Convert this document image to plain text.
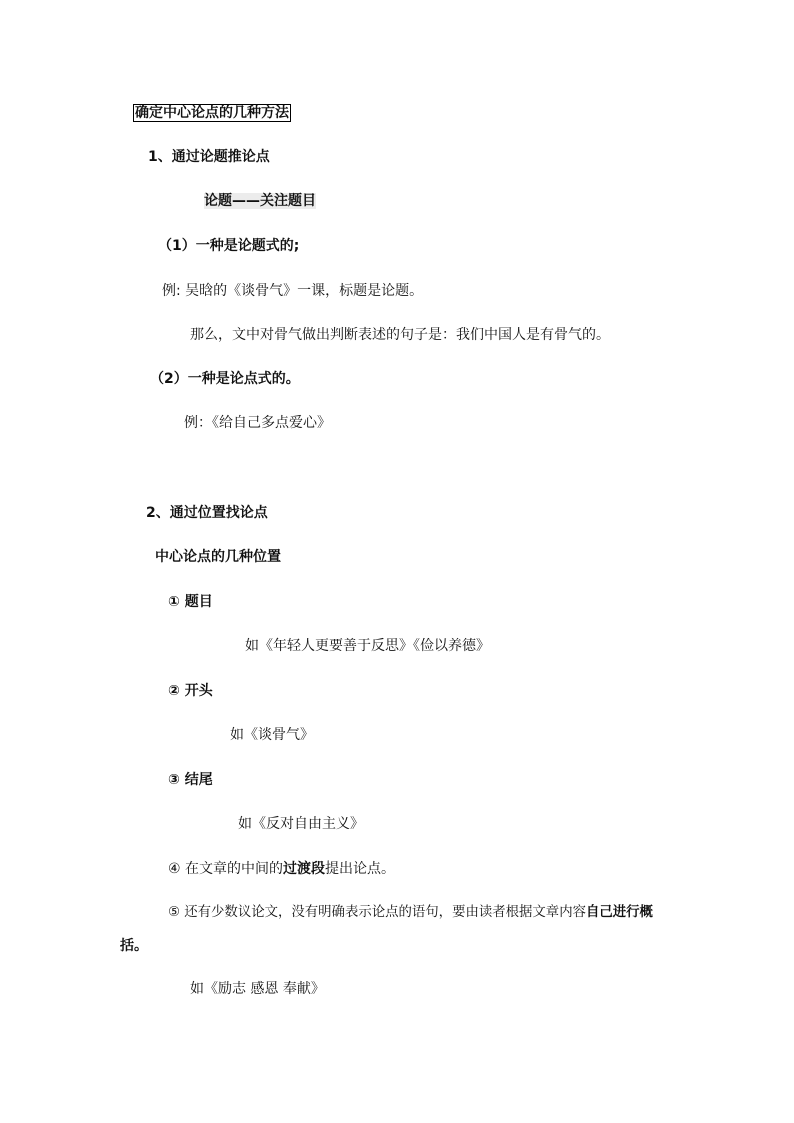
确定中心论点的几种方法
1、通过论题推论点
论题——关注题目
（1）一种是论题式的;
例: 吴晗的《谈骨气》一课，标题是论题。
那么，文中对骨气做出判断表述的句子是：我们中国人是有骨气的。
（2）一种是论点式的。
例：《给自己多点爱心》
2、通过位置找论点
中心论点的几种位置
① 题目
如《年轻人更要善于反思》《俭以养德》
② 开头
如《谈骨气》
③ 结尾
如《反对自由主义》
④ 在文章的中间的过渡段提出论点。
⑤ 还有少数议论文，没有明确表示论点的语句，要由读者根据文章内容自己进行概
括。
如《励志 感恩 奉献》
